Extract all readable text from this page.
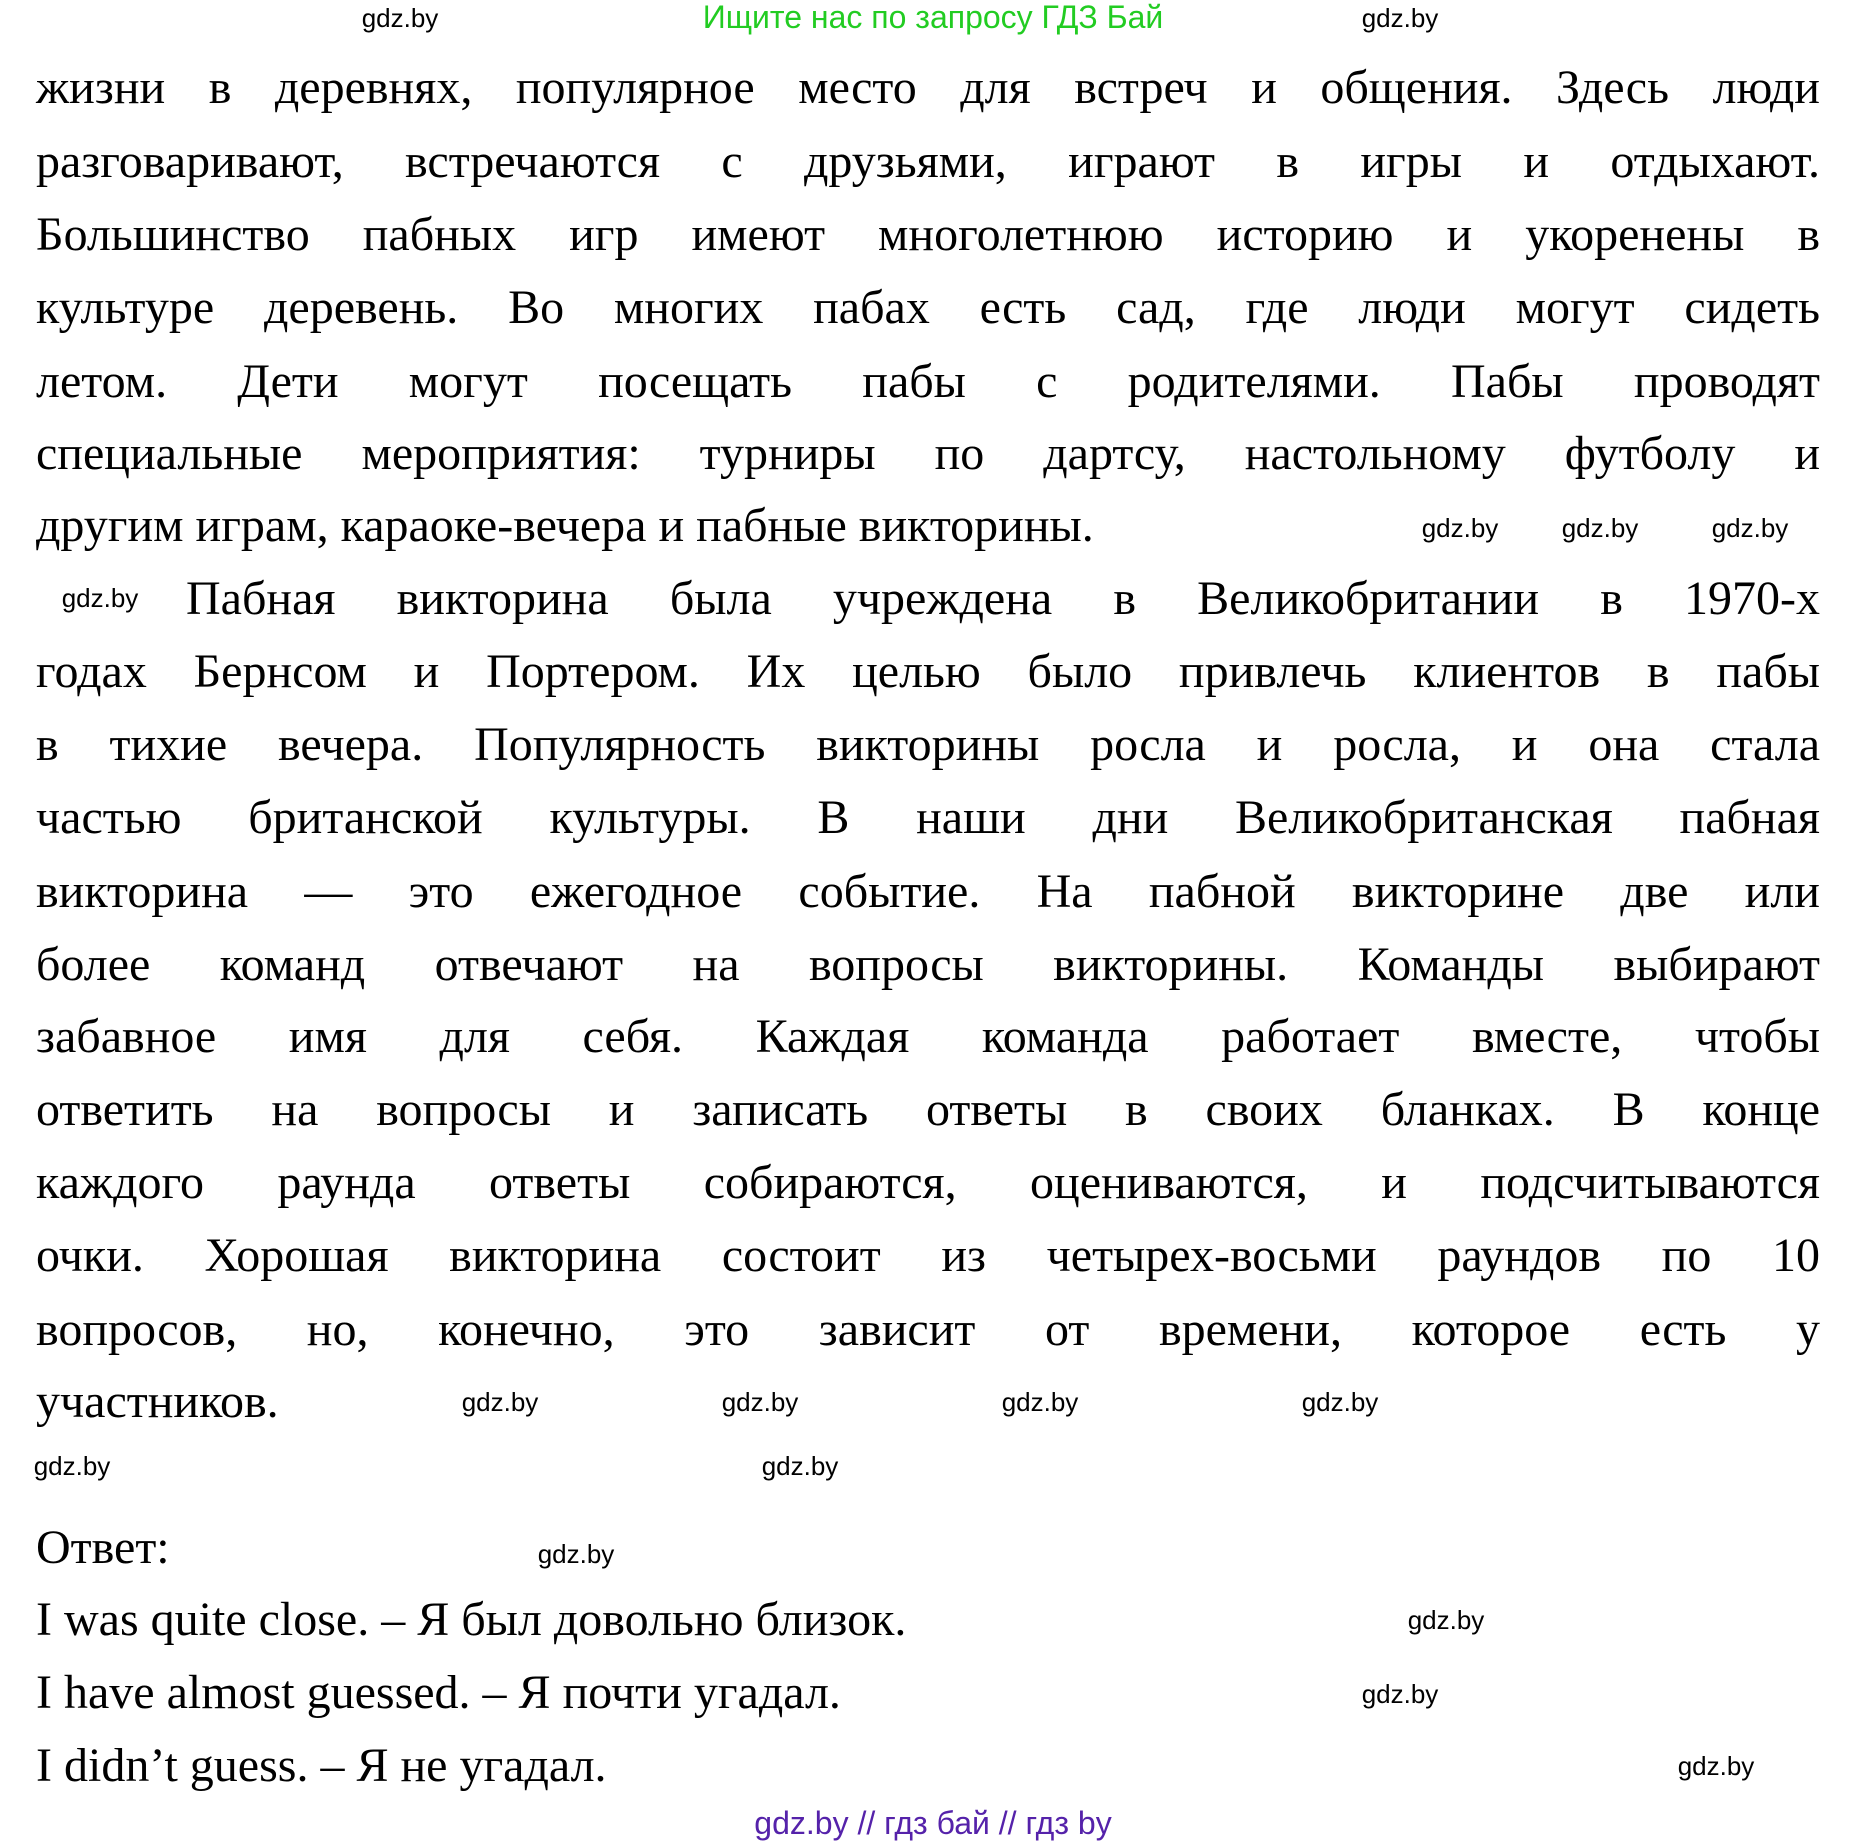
Ищите нас по запросу ГДЗ Бай
жизни в деревнях, популярное место для встреч и общения. Здесь люди
разговаривают, встречаются с друзьями, играют в игры и отдыхают.
Большинство пабных игр имеют многолетнюю историю и укоренены в
культуре деревень. Во многих пабах есть сад, где люди могут сидеть
летом. Дети могут посещать пабы с родителями. Пабы проводят
специальные мероприятия: турниры по дартсу, настольному футболу и
другим играм, караоке-вечера и пабные викторины.
Пабная викторина была учреждена в Великобритании в 1970-х
годах Бернсом и Портером. Их целью было привлечь клиентов в пабы
в тихие вечера. Популярность викторины росла и росла, и она стала
частью британской культуры. В наши дни Великобританская пабная
викторина — это ежегодное событие. На пабной викторине две или
более команд отвечают на вопросы викторины. Команды выбирают
забавное имя для себя. Каждая команда работает вместе, чтобы
ответить на вопросы и записать ответы в своих бланках. В конце
каждого раунда ответы собираются, оцениваются, и подсчитываются
очки. Хорошая викторина состоит из четырех-восьми раундов по 10
вопросов, но, конечно, это зависит от времени, которое есть у
участников.
Ответ:
I was quite close. – Я был довольно близок.
I have almost guessed. – Я почти угадал.
I didn’t guess. – Я не угадал.
gdz.by
gdz.by
gdz.by gdz.by	gdz.by
gdz.by
gdz.by	gdz.by	gdz.by	gdz.by
gdz.by	gdz.by
gdz.by
gdz.by
gdz.by
gdz.by
gdz.by // гдз бай // гдз by
